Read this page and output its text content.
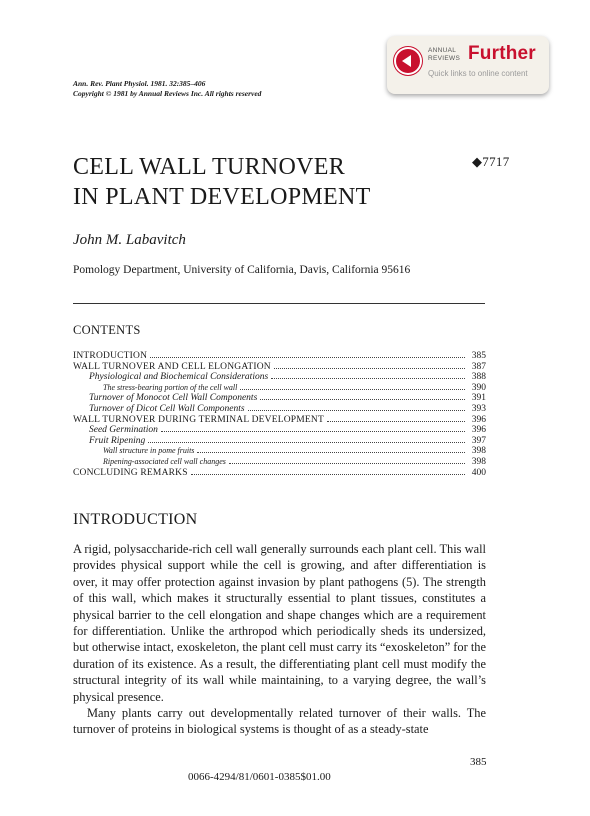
ANNUAL
REVIEWS Further
Quick links to online content
Ann. Rev. Plant Physiol. 1981. 32:385–406
Copyright © 1981 by Annual Reviews Inc. All rights reserved
CELL WALL TURNOVER
IN PLANT DEVELOPMENT
◆7717
John M. Labavitch
Pomology Department, University of California, Davis, California 95616
CONTENTS
INTRODUCTION	385
WALL TURNOVER AND CELL ELONGATION	387
Physiological and Biochemical Considerations	388
The stress-bearing portion of the cell wall	390
Turnover of Monocot Cell Wall Components	391
Turnover of Dicot Cell Wall Components	393
WALL TURNOVER DURING TERMINAL DEVELOPMENT	396
Seed Germination	396
Fruit Ripening	397
Wall structure in pome fruits	398
Ripening-associated cell wall changes	398
CONCLUDING REMARKS	400
INTRODUCTION

A rigid, polysaccharide-rich cell wall generally surrounds each plant cell. This wall provides physical support while the cell is growing, and after differentiation is over, it may offer protection against invasion by plant pathogens (5). The strength of this wall, which makes it structurally essential to plant tissues, constitutes a physical barrier to the cell elongation and shape changes which are a requirement for differentiation. Unlike the arthropod which periodically sheds its undersized, but otherwise intact, exoskeleton, the plant cell must carry its “exoskeleton” for the duration of its existence. As a result, the differentiating plant cell must modify the structural integrity of its wall while maintaining, to a varying degree, the wall’s physical presence.

Many plants carry out developmentally related turnover of their walls. The turnover of proteins in biological systems is thought of as a steady-state

385
0066-4294/81/0601-0385$01.00
